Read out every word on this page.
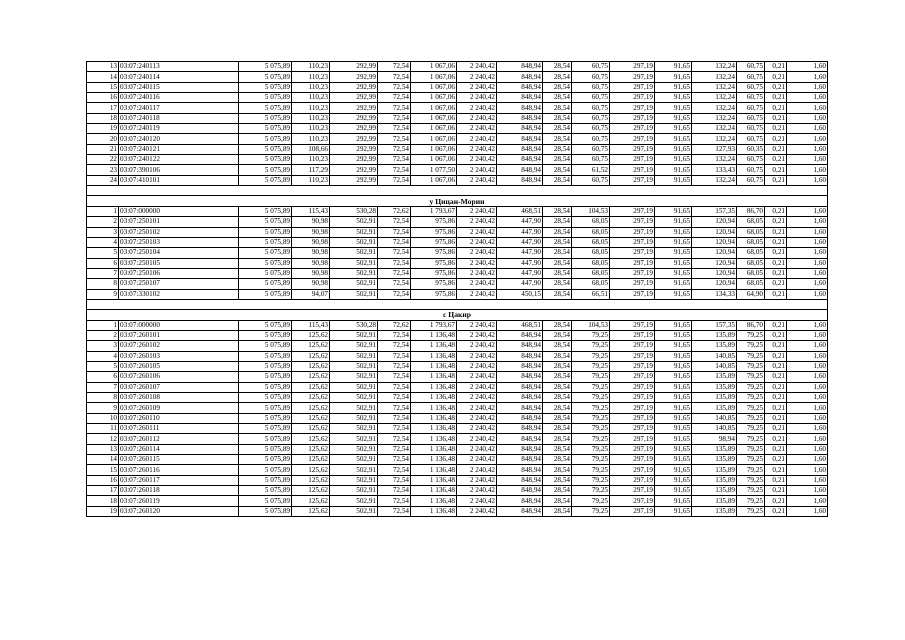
13	03:07:240113	5 075,89	110,23	292,99	72,54	1 067,06	2 240,42	848,94	28,54	60,75	297,19	91,65	132,24	60,75	0,21	1,60
14	03:07:240114	5 075,89	110,23	292,99	72,54	1 067,06	2 240,42	848,94	28,54	60,75	297,19	91,65	132,24	60,75	0,21	1,60
15	03:07:240115	5 075,89	110,23	292,99	72,54	1 067,06	2 240,42	848,94	28,54	60,75	297,19	91,65	132,24	60,75	0,21	1,60
16	03:07:240116	5 075,89	110,23	292,99	72,54	1 067,06	2 240,42	848,94	28,54	60,75	297,19	91,65	132,24	60,75	0,21	1,60
17	03:07:240117	5 075,89	110,23	292,99	72,54	1 067,06	2 240,42	848,94	28,54	60,75	297,19	91,65	132,24	60,75	0,21	1,60
18	03:07:240118	5 075,89	110,23	292,99	72,54	1 067,06	2 240,42	848,94	28,54	60,75	297,19	91,65	132,24	60,75	0,21	1,60
19	03:07:240119	5 075,89	110,23	292,99	72,54	1 067,06	2 240,42	848,94	28,54	60,75	297,19	91,65	132,24	60,75	0,21	1,60
20	03:07:240120	5 075,89	110,23	292,99	72,54	1 067,06	2 240,42	848,94	28,54	60,75	297,19	91,65	132,24	60,75	0,21	1,60
21	03:07:240121	5 075,89	108,66	292,99	72,54	1 067,06	2 240,42	848,94	28,54	60,75	297,19	91,65	127,93	60,35	0,21	1,60
22	03:07:240122	5 075,89	110,23	292,99	72,54	1 067,06	2 240,42	848,94	28,54	60,75	297,19	91,65	132,24	60,75	0,21	1,60
23	03:07:390106	5 075,89	117,29	292,99	72,54	1 077,50	2 240,42	848,94	28,54	61,52	297,19	91,65	133,43	60,75	0,21	1,60
24	03:07:410101	5 075,89	110,23	292,99	72,54	1 067,06	2 240,42	848,94	28,54	60,75	297,19	91,65	132,24	60,75	0,21	1,60

у Цицан-Морин																
1	03:07:000000	5 075,89	115,43	530,28	72,62	1 793,67	2 240,42	468,51	28,54	104,53	297,19	91,65	157,35	86,70	0,21	1,60
2	03:07:250101	5 075,89	90,98	502,91	72,54	975,86	2 240,42	447,90	28,54	68,05	297,19	91,65	120,94	68,05	0,21	1,60
3	03:07:250102	5 075,89	90,98	502,91	72,54	975,86	2 240,42	447,90	28,54	68,05	297,19	91,65	120,94	68,05	0,21	1,60
4	03:07:250103	5 075,89	90,98	502,91	72,54	975,86	2 240,42	447,90	28,54	68,05	297,19	91,65	120,94	68,05	0,21	1,60
5	03:07:250104	5 075,89	90,98	502,91	72,54	975,86	2 240,42	447,90	28,54	68,05	297,19	91,65	120,94	68,05	0,21	1,60
6	03:07:250105	5 075,89	90,98	502,91	72,54	975,86	2 240,42	447,90	28,54	68,05	297,19	91,65	120,94	68,05	0,21	1,60
7	03:07:250106	5 075,89	90,98	502,91	72,54	975,86	2 240,42	447,90	28,54	68,05	297,19	91,65	120,94	68,05	0,21	1,60
8	03:07:250107	5 075,89	90,98	502,91	72,54	975,86	2 240,42	447,90	28,54	68,05	297,19	91,65	120,94	68,05	0,21	1,60
9	03:07:330102	5 075,89	94,07	502,91	72,54	975,86	2 240,42	450,15	28,54	66,51	297,19	91,65	134,33	64,90	0,21	1,60

с Цакир																
1	03:07:000000	5 075,89	115,43	530,28	72,62	1 793,67	2 240,42	468,51	28,54	104,53	297,19	91,65	157,35	86,70	0,21	1,60
2	03:07:260101	5 075,89	125,62	502,91	72,54	1 136,48	2 240,42	848,94	28,54	79,25	297,19	91,65	135,89	79,25	0,21	1,60
3	03:07:260102	5 075,89	125,62	502,91	72,54	1 136,48	2 240,42	848,94	28,54	79,25	297,19	91,65	135,89	79,25	0,21	1,60
4	03:07:260103	5 075,89	125,62	502,91	72,54	1 136,48	2 240,42	848,94	28,54	79,25	297,19	91,65	140,85	79,25	0,21	1,60
5	03:07:260105	5 075,89	125,62	502,91	72,54	1 136,48	2 240,42	848,94	28,54	79,25	297,19	91,65	140,85	79,25	0,21	1,60
6	03:07:260106	5 075,89	125,62	502,91	72,54	1 136,48	2 240,42	848,94	28,54	79,25	297,19	91,65	135,89	79,25	0,21	1,60
7	03:07:260107	5 075,89	125,62	502,91	72,54	1 136,48	2 240,42	848,94	28,54	79,25	297,19	91,65	135,89	79,25	0,21	1,60
8	03:07:260108	5 075,89	125,62	502,91	72,54	1 136,48	2 240,42	848,94	28,54	79,25	297,19	91,65	135,89	79,25	0,21	1,60
9	03:07:260109	5 075,89	125,62	502,91	72,54	1 136,48	2 240,42	848,94	28,54	79,25	297,19	91,65	135,89	79,25	0,21	1,60
10	03:07:260110	5 075,89	125,62	502,91	72,54	1 136,48	2 240,42	848,94	28,54	79,25	297,19	91,65	140,85	79,25	0,21	1,60
11	03:07:260111	5 075,89	125,62	502,91	72,54	1 136,48	2 240,42	848,94	28,54	79,25	297,19	91,65	140,85	79,25	0,21	1,60
12	03:07:260112	5 075,89	125,62	502,91	72,54	1 136,48	2 240,42	848,94	28,54	79,25	297,19	91,65	98,94	79,25	0,21	1,60
13	03:07:260114	5 075,89	125,62	502,91	72,54	1 136,48	2 240,42	848,94	28,54	79,25	297,19	91,65	135,89	79,25	0,21	1,60
14	03:07:260115	5 075,89	125,62	502,91	72,54	1 136,48	2 240,42	848,94	28,54	79,25	297,19	91,65	135,89	79,25	0,21	1,60
15	03:07:260116	5 075,89	125,62	502,91	72,54	1 136,48	2 240,42	848,94	28,54	79,25	297,19	91,65	135,89	79,25	0,21	1,60
16	03:07:260117	5 075,89	125,62	502,91	72,54	1 136,48	2 240,42	848,94	28,54	79,25	297,19	91,65	135,89	79,25	0,21	1,60
17	03:07:260118	5 075,89	125,62	502,91	72,54	1 136,48	2 240,42	848,94	28,54	79,25	297,19	91,65	135,89	79,25	0,21	1,60
18	03:07:260119	5 075,89	125,62	502,91	72,54	1 136,48	2 240,42	848,94	28,54	79,25	297,19	91,65	135,89	79,25	0,21	1,60
19	03:07:260120	5 075,89	125,62	502,91	72,54	1 136,48	2 240,42	848,94	28,54	79,25	297,19	91,65	135,89	79,25	0,21	1,60
